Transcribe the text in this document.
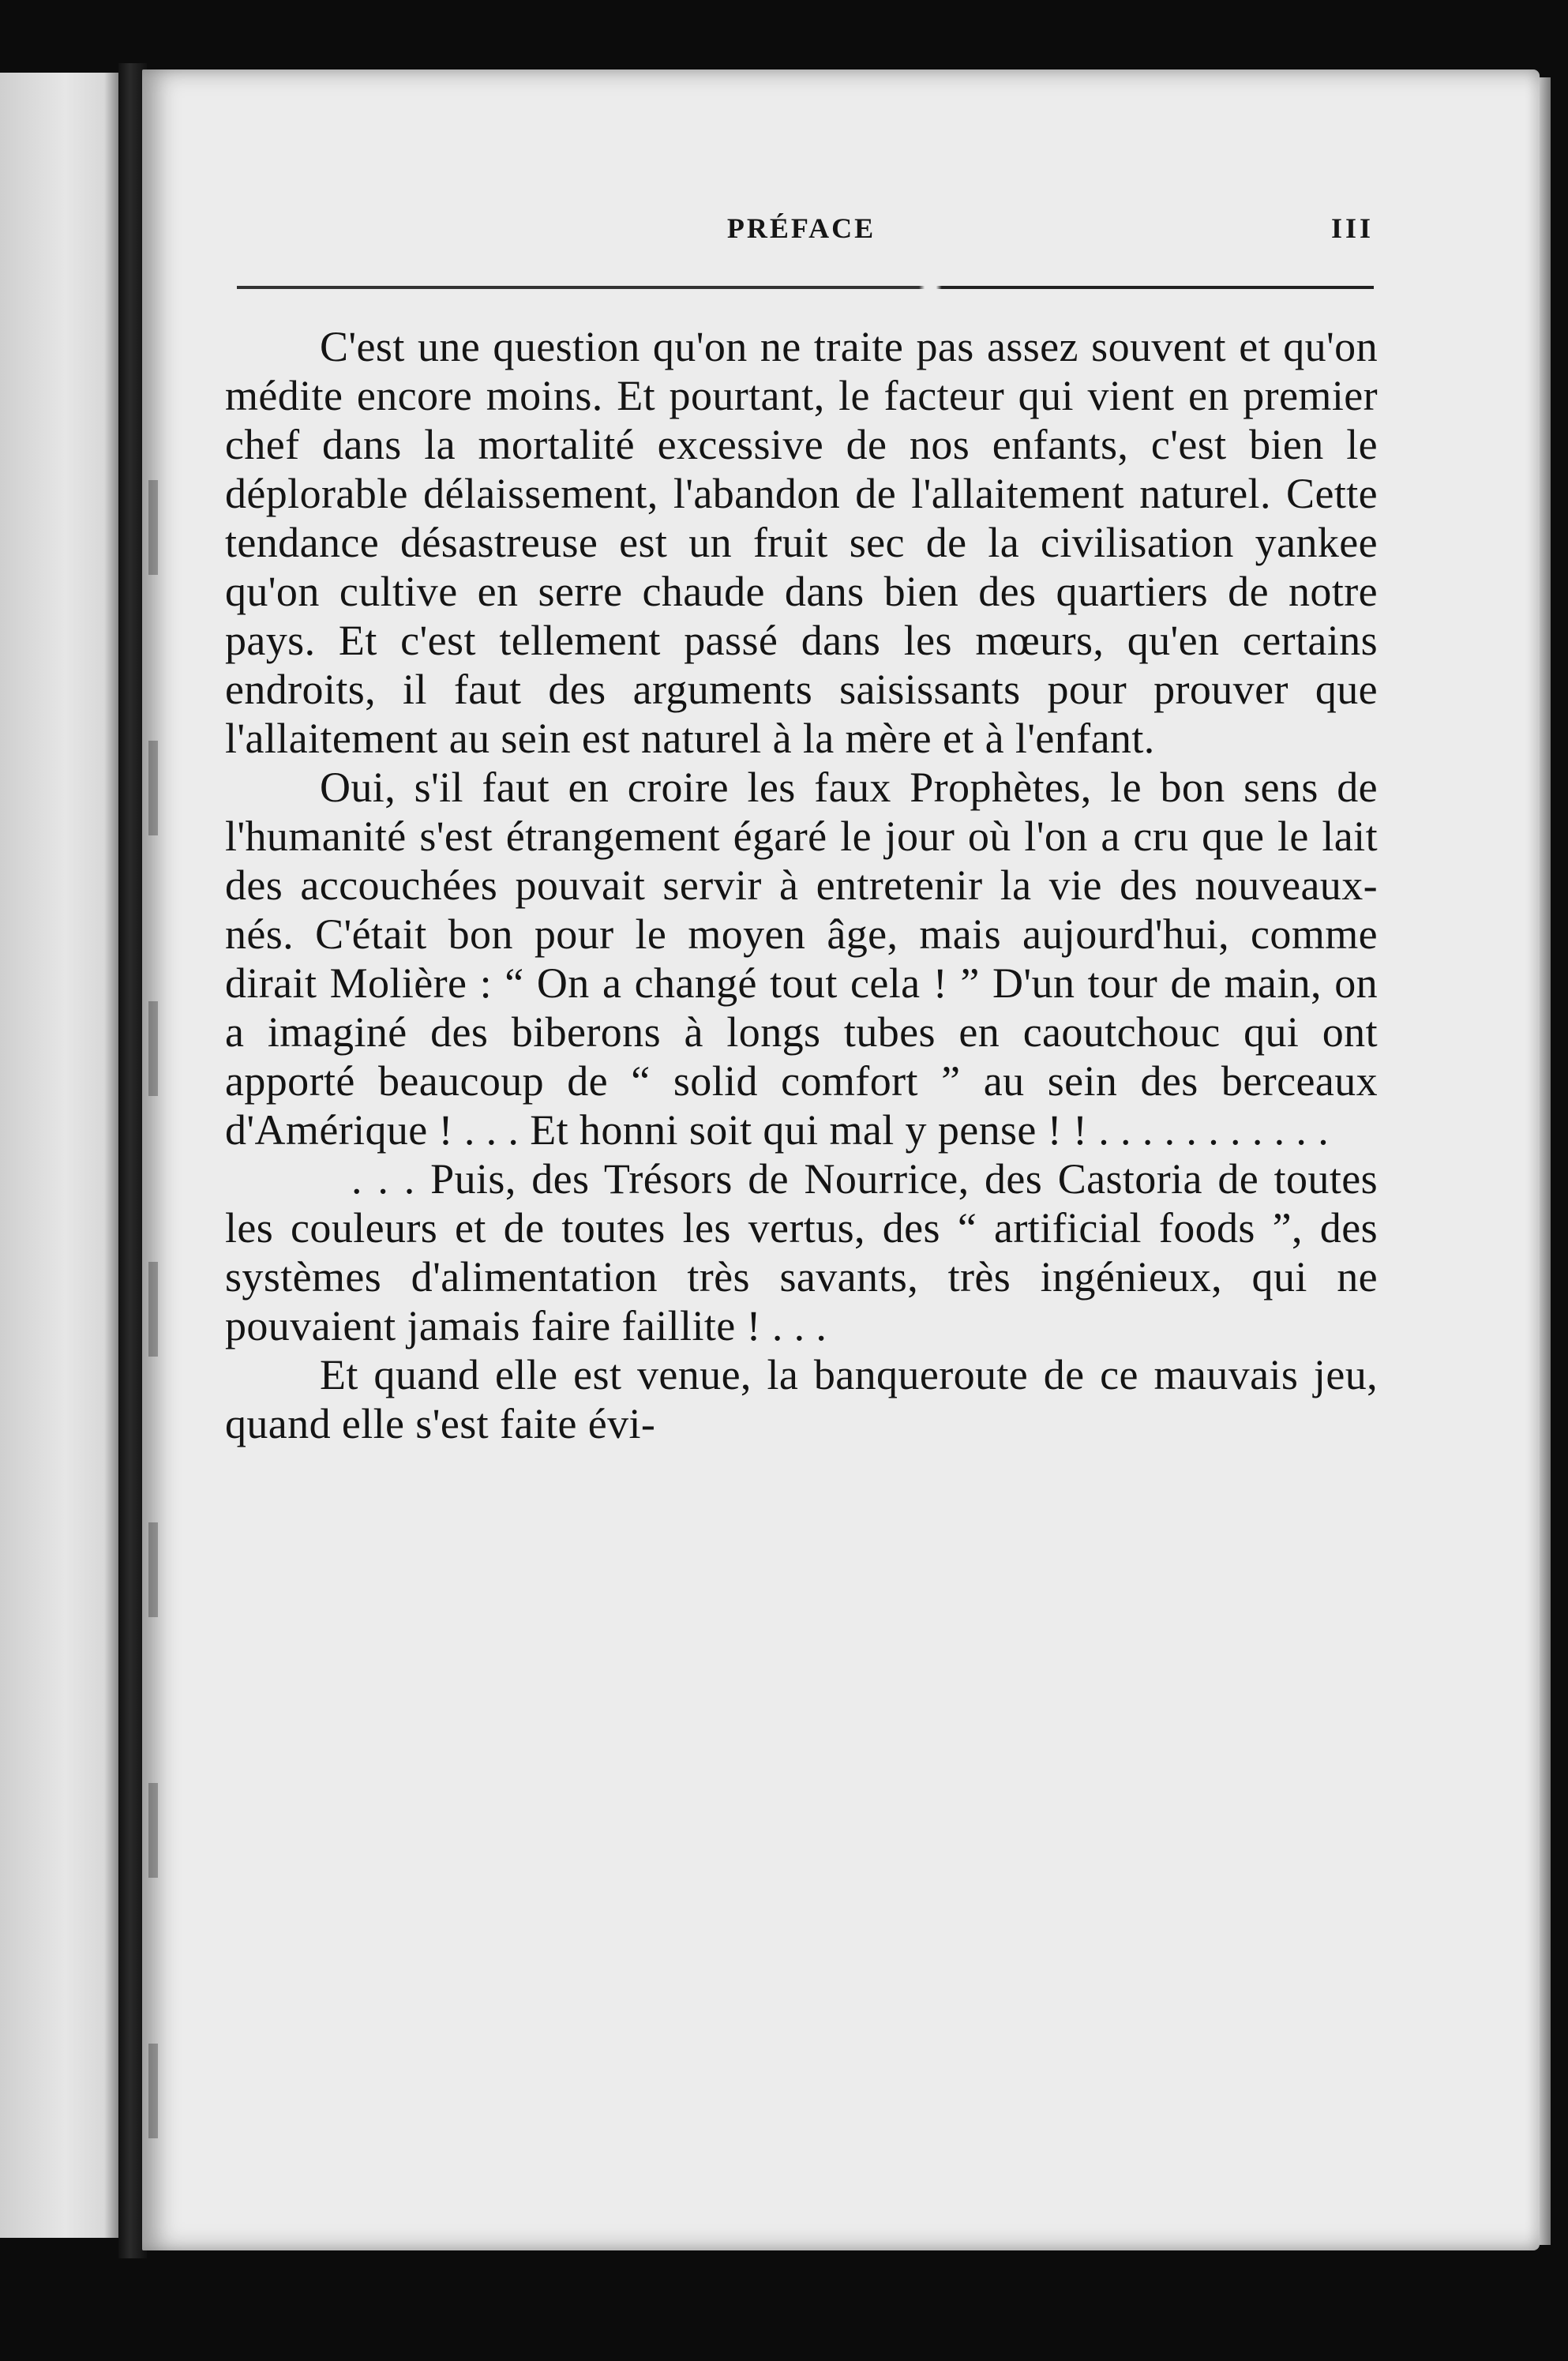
PRÉFACE	III

C'est une question qu'on ne traite pas assez souvent et qu'on médite encore moins. Et pourtant, le facteur qui vient en premier chef dans la mortalité excessive de nos enfants, c'est bien le déplorable délaissement, l'abandon de l'allaitement naturel. Cette tendance désastreuse est un fruit sec de la civilisation yankee qu'on cultive en serre chaude dans bien des quartiers de notre pays. Et c'est tellement passé dans les mœurs, qu'en certains endroits, il faut des arguments saisissants pour prouver que l'allaitement au sein est naturel à la mère et à l'enfant.

Oui, s'il faut en croire les faux Prophètes, le bon sens de l'humanité s'est étrangement égaré le jour où l'on a cru que le lait des accouchées pouvait servir à entretenir la vie des nouveaux-nés. C'était bon pour le moyen âge, mais aujourd'hui, comme dirait Molière : “ On a changé tout cela ! ” D'un tour de main, on a imaginé des biberons à longs tubes en caoutchouc qui ont apporté beaucoup de “ solid comfort ” au sein des berceaux d'Amérique ! . . . Et honni soit qui mal y pense ! ! . . . . . . . . . . .

. . . Puis, des Trésors de Nourrice, des Castoria de toutes les couleurs et de toutes les vertus, des “ artificial foods ”, des systèmes d'alimentation très savants, très ingénieux, qui ne pouvaient jamais faire faillite ! . . .

Et quand elle est venue, la banqueroute de ce mauvais jeu, quand elle s'est faite évi-
